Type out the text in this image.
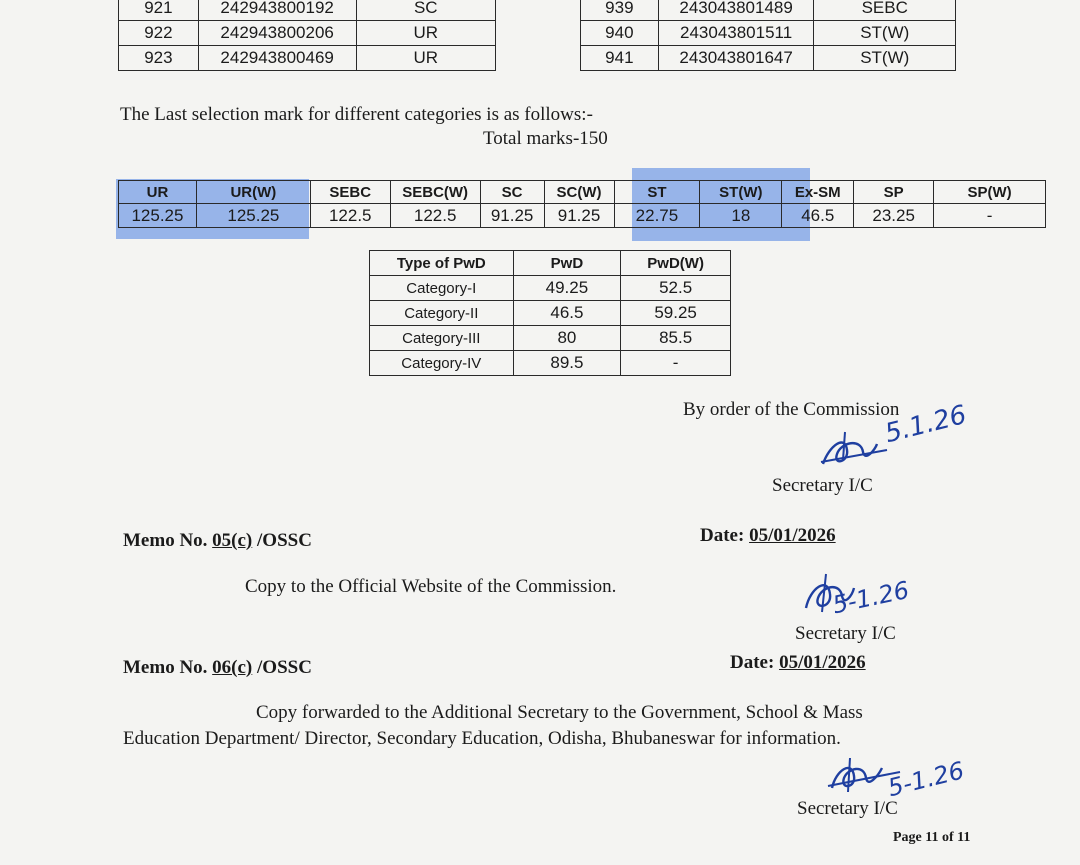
921	242943800192	SC
922	242943800206	UR
923	242943800469	UR
939	243043801489	SEBC
940	243043801511	ST(W)
941	243043801647	ST(W)
The Last selection mark for different categories is as follows:-
Total marks-150
UR	UR(W)	SEBC	SEBC(W)	SC	SC(W)	ST	ST(W)	Ex-SM	SP	SP(W)
125.25	125.25	122.5	122.5	91.25	91.25	22.75	18	46.5	23.25	-
Type of PwD	PwD	PwD(W)
Category-I	49.25	52.5
Category-II	46.5	59.25
Category-III	80	85.5
Category-IV	89.5	-
By order of the Commission
5.1.26
Secretary I/C
Memo No. 05(c) /OSSC	Date: 05/01/2026
Copy to the Official Website of the Commission.	5-1.26
Secretary I/C
Memo No. 06(c) /OSSC	Date: 05/01/2026
Copy forwarded to the Additional Secretary to the Government, School & Mass
Education Department/ Director, Secondary Education, Odisha, Bhubaneswar for information.
5-1.26
Secretary I/C
Page 11 of 11
